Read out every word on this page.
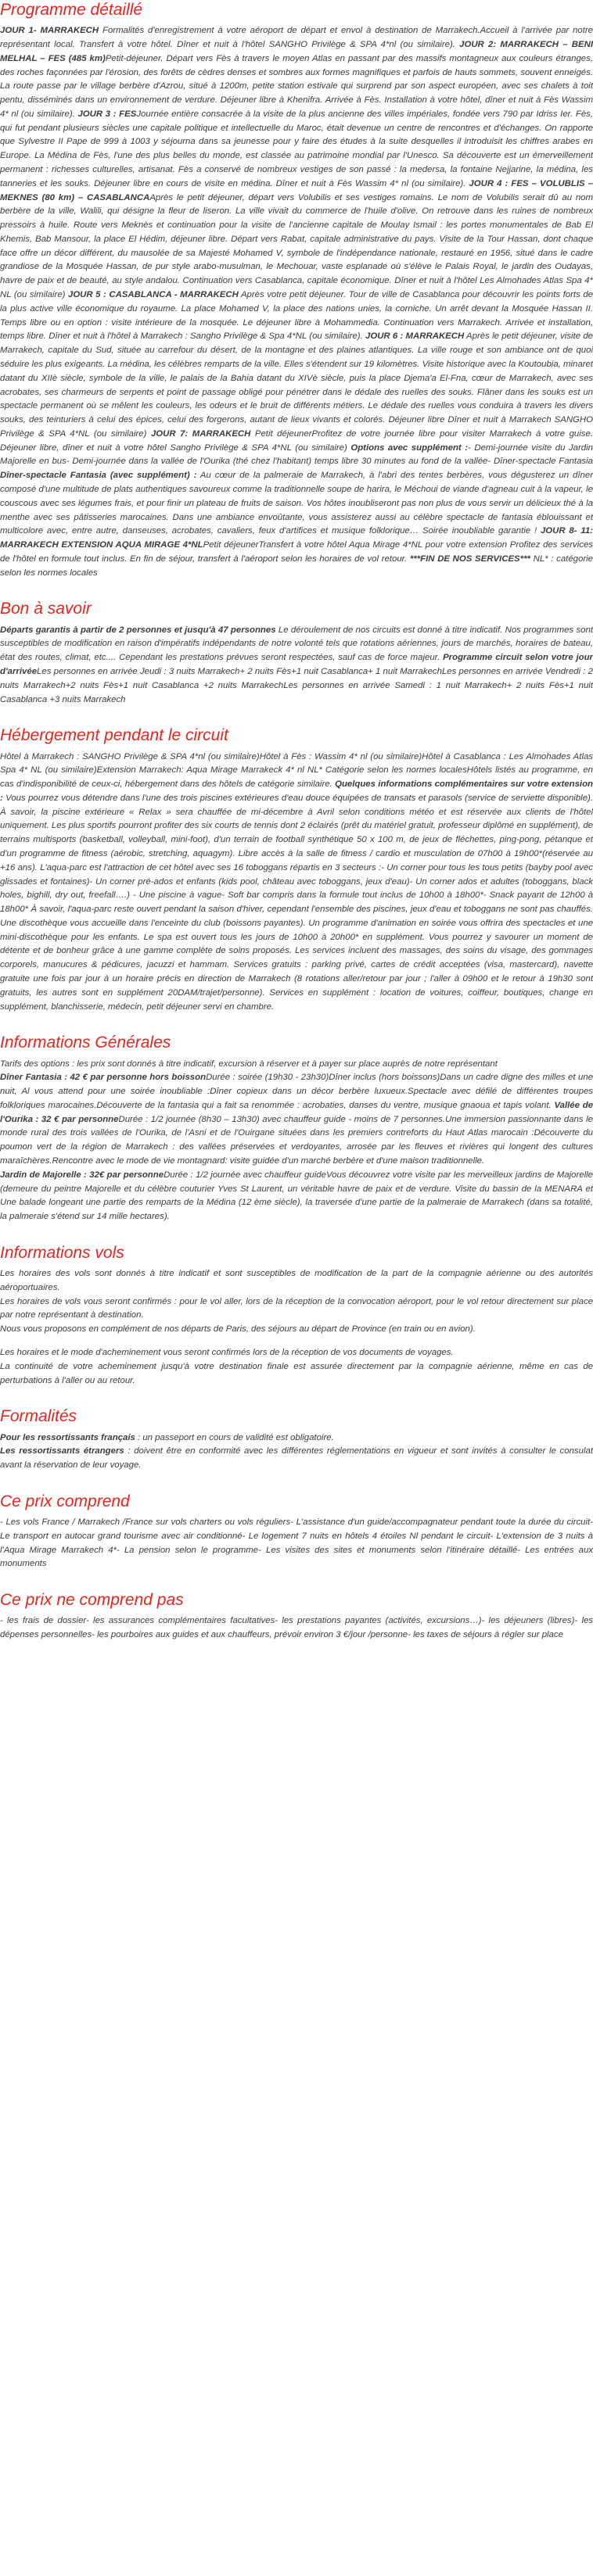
Programme détaillé

JOUR 1- MARRAKECH Formalités d'enregistrement à votre aéroport de départ et envol à destination de Marrakech.Accueil à l'arrivée par notre représentant local. Transfert à votre hôtel. Dîner et nuit à l'hôtel SANGHO Privilège & SPA 4*nl (ou similaire). JOUR 2: MARRAKECH – BENI MELHAL – FES (485 km)Petit-déjeuner. Départ vers Fès à travers le moyen Atlas en passant par des massifs montagneux aux couleurs étranges, des roches façonnées par l'érosion, des forêts de cèdres denses et sombres aux formes magnifiques et parfois de hauts sommets, souvent enneigés. La route passe par le village berbère d'Azrou, situé à 1200m, petite station estivale qui surprend par son aspect européen, avec ses chalets à toit pentu, disséminés dans un environnement de verdure. Déjeuner libre à Khenifra. Arrivée à Fès. Installation à votre hôtel, dîner et nuit à Fès Wassim 4* nl (ou similaire). JOUR 3 : FESJournée entière consacrée à la visite de la plus ancienne des villes impériales, fondée vers 790 par Idriss Ier. Fès, qui fut pendant plusieurs siècles une capitale politique et intellectuelle du Maroc, était devenue un centre de rencontres et d'échanges. On rapporte que Sylvestre II Pape de 999 à 1003 y séjourna dans sa jeunesse pour y faire des études à la suite desquelles il introduisit les chiffres arabes en Europe. La Médina de Fès, l'une des plus belles du monde, est classée au patrimoine mondial par l'Unesco. Sa découverte est un émerveillement permanent : richesses culturelles, artisanat. Fès a conservé de nombreux vestiges de son passé : la medersa, la fontaine Nejjarine, la médina, les tanneries et les souks. Déjeuner libre en cours de visite en médina. Dîner et nuit à Fès Wassim 4* nl (ou similaire). JOUR 4 : FES – VOLUBLIS – MEKNES (80 km) – CASABLANCAAprès le petit déjeuner, départ vers Volubilis et ses vestiges romains. Le nom de Volubilis serait dû au nom berbère de la ville, Walili, qui désigne la fleur de liseron. La ville vivait du commerce de l'huile d'olive. On retrouve dans les ruines de nombreux pressoirs à huile. Route vers Meknès et continuation pour la visite de l'ancienne capitale de Moulay Ismail : les portes monumentales de Bab El Khemis, Bab Mansour, la place El Hédim, déjeuner libre. Départ vers Rabat, capitale administrative du pays. Visite de la Tour Hassan, dont chaque face offre un décor différent, du mausolée de sa Majesté Mohamed V, symbole de l'indépendance nationale, restauré en 1956, situé dans le cadre grandiose de la Mosquée Hassan, de pur style arabo-musulman, le Mechouar, vaste esplanade où s'élève le Palais Royal, le jardin des Oudayas, havre de paix et de beauté, au style andalou. Continuation vers Casablanca, capitale économique. Dîner et nuit à l'hôtel Les Almohades Atlas Spa 4* NL (ou similaire) JOUR 5 : CASABLANCA - MARRAKECH Après votre petit déjeuner. Tour de ville de Casablanca pour découvrir les points forts de la plus active ville économique du royaume. La place Mohamed V, la place des nations unies, la corniche. Un arrêt devant la Mosquée Hassan II. Temps libre ou en option : visite intérieure de la mosquée. Le déjeuner libre à Mohammedia. Continuation vers Marrakech. Arrivée et installation, temps libre. Dîner et nuit à l'hôtel à Marrakech : Sangho Privilège & Spa 4*NL (ou similaire). JOUR 6 : MARRAKECH Après le petit déjeuner, visite de Marrakech, capitale du Sud, située au carrefour du désert, de la montagne et des plaines atlantiques. La ville rouge et son ambiance ont de quoi séduire les plus exigeants. La médina, les célèbres remparts de la ville. Elles s'étendent sur 19 kilomètres. Visite historique avec la Koutoubia, minaret datant du XIIè siècle, symbole de la ville, le palais de la Bahia datant du XIVè siècle, puis la place Djema'a El-Fna, cœur de Marrakech, avec ses acrobates, ses charmeurs de serpents et point de passage obligé pour pénétrer dans le dédale des ruelles des souks. Flâner dans les souks est un spectacle permanent où se mêlent les couleurs, les odeurs et le bruit de différents métiers. Le dédale des ruelles vous conduira à travers les divers souks, des teinturiers à celui des épices, celui des forgerons, autant de lieux vivants et colorés. Déjeuner libre Dîner et nuit à Marrakech SANGHO Privilège & SPA 4*NL (ou similaire) JOUR 7: MARRAKECH Petit déjeunerProfitez de votre journée libre pour visiter Marrakech à votre guise. Déjeuner libre, dîner et nuit à votre hôtel Sangho Privilège & SPA 4*NL (ou similaire) Options avec supplément :- Demi-journée visite du Jardin Majorelle en bus- Demi-journée dans la vallée de l'Ourika (thé chez l'habitant) temps libre 30 minutes au fond de la vallée- Dîner-spectacle Fantasia Dîner-spectacle Fantasia (avec supplément) : Au cœur de la palmeraie de Marrakech, à l'abri des tentes berbères, vous dégusterez un dîner composé d'une multitude de plats authentiques savoureux comme la traditionnelle soupe de harira, le Méchoui de viande d'agneau cuit à la vapeur, le couscous avec ses légumes frais, et pour finir un plateau de fruits de saison. Vos hôtes inoubliseront pas non plus de vous servir un délicieux thé à la menthe avec ses pâtisseries marocaines. Dans une ambiance envoûtante, vous assisterez aussi au célèbre spectacle de fantasia éblouissant et multicolore avec, entre autre, danseuses, acrobates, cavaliers, feux d'artifices et musique folklorique… Soirée inoubliable garantie ! JOUR 8- 11: MARRAKECH EXTENSION AQUA MIRAGE 4*NLPetit déjeunerTransfert à votre hôtel Aqua Mirage 4*NL pour votre extension Profitez des services de l'hôtel en formule tout inclus. En fin de séjour, transfert à l'aéroport selon les horaires de vol retour. ***FIN DE NOS SERVICES*** NL* : catégorie selon les normes locales

Bon à savoir

Départs garantis à partir de 2 personnes et jusqu'à 47 personnes Le déroulement de nos circuits est donné à titre indicatif. Nos programmes sont susceptibles de modification en raison d'impératifs indépendants de notre volonté tels que rotations aériennes, jours de marchés, horaires de bateau, état des routes, climat, etc.... Cependant les prestations prévues seront respectées, sauf cas de force majeur. Programme circuit selon votre jour d'arrivéeLes personnes en arrivée Jeudi : 3 nuits Marrakech+ 2 nuits Fès+1 nuit Casablanca+ 1 nuit MarrakechLes personnes en arrivée Vendredi : 2 nuits Marrakech+2 nuits Fès+1 nuit Casablanca +2 nuits MarrakechLes personnes en arrivée Samedi : 1 nuit Marrakech+ 2 nuits Fès+1 nuit Casablanca +3 nuits Marrakech

Hébergement pendant le circuit

Hôtel à Marrakech : SANGHO Privilège & SPA 4*nl (ou similaire)Hôtel à Fès : Wassim 4* nl (ou similaire)Hôtel à Casablanca : Les Almohades Atlas Spa 4* NL (ou similaire)Extension Marrakech: Aqua Mirage Marrakeck 4* nl NL* Catégorie selon les normes localesHôtels listés au programme, en cas d'indisponibilité de ceux-ci, hébergement dans des hôtels de catégorie similaire. Quelques informations complémentaires sur votre extension : Vous pourrez vous détendre dans l'une des trois piscines extérieures d'eau douce équipées de transats et parasols (service de serviette disponible). À savoir, la piscine extérieure « Relax » sera chauffée de mi-décembre à Avril selon conditions météo et est réservée aux clients de l'hôtel uniquement. Les plus sportifs pourront profiter des six courts de tennis dont 2 éclairés (prêt du matériel gratuit, professeur diplômé en supplément), de terrains multisports (basketball, volleyball, mini-foot), d'un terrain de football synthétique 50 x 100 m, de jeux de fléchettes, ping-pong, pétanque et d'un programme de fitness (aérobic, stretching, aquagym). Libre accès à la salle de fitness / cardio et musculation de 07h00 à 19h00*(réservée au +16 ans). L'aqua-parc est l'attraction de cet hôtel avec ses 16 toboggans répartis en 3 secteurs :- Un corner pour tous les tous petits (bayby pool avec glissades et fontaines)- Un corner pré-ados et enfants (kids pool, château avec toboggans, jeux d'eau)- Un corner ados et adultes (toboggans, black holes, bighill, dry out, freefall….) - Une piscine à vague- Soft bar compris dans la formule tout inclus de 10h00 à 18h00*- Snack payant de 12h00 à 18h00* À savoir, l'aqua-parc reste ouvert pendant la saison d'hiver, cependant l'ensemble des piscines, jeux d'eau et toboggans ne sont pas chauffés. Une discothèque vous accueille dans l'enceinte du club (boissons payantes). Un programme d'animation en soirée vous offrira des spectacles et une mini-discothèque pour les enfants. Le spa est ouvert tous les jours de 10h00 à 20h00* en supplément. Vous pourrez y savourer un moment de détente et de bonheur grâce à une gamme complète de soins proposés. Les services incluent des massages, des soins du visage, des gommages corporels, manucures & pédicures, jacuzzi et hammam. Services gratuits : parking privé, cartes de crédit acceptées (visa, mastercard), navette gratuite une fois par jour à un horaire précis en direction de Marrakech (8 rotations aller/retour par jour ; l'aller à 09h00 et le retour à 19h30 sont gratuits, les autres sont en supplément 20DAM/trajet/personne). Services en supplément : location de voitures, coiffeur, boutiques, change en supplément, blanchisserie, médecin, petit déjeuner servi en chambre.

Informations Générales

Tarifs des options : les prix sont donnés à titre indicatif, excursion à réserver et à payer sur place auprès de notre représentant

Dîner Fantasia : 42 € par personne hors boissonDurée : soirée (19h30 - 23h30)Dîner inclus (hors boissons)Dans un cadre digne des milles et une nuit, Al vous attend pour une soirée inoubliable :Dîner copieux dans un décor berbère luxueux.Spectacle avec défilé de différentes troupes folkloriques marocaines.Découverte de la fantasia qui a fait sa renommée : acrobaties, danses du ventre, musique gnaoua et tapis volant. Vallée de l'Ourika : 32 € par personneDurée : 1/2 journée (8h30 – 13h30) avec chauffeur guide - moins de 7 personnes.Une immersion passionnante dans le monde rural des trois vallées de l'Ourika, de l'Asni et de l'Ouirgane situées dans les premiers contreforts du Haut Atlas marocain :Découverte du poumon vert de la région de Marrakech : des vallées préservées et verdoyantes, arrosée par les fleuves et rivières qui longent des cultures maraîchères.Rencontre avec le mode de vie montagnard: visite guidée d'un marché berbère et d'une maison traditionnelle.

Jardin de Majorelle : 32€ par personneDurée : 1/2 journée avec chauffeur guideVous découvrez votre visite par les merveilleux jardins de Majorelle (demeure du peintre Majorelle et du célèbre couturier Yves St Laurent, un véritable havre de paix et de verdure. Visite du bassin de la MENARA et Une balade longeant une partie des remparts de la Médina (12 ème siècle), la traversée d'une partie de la palmeraie de Marrakech (dans sa totalité, la palmeraie s'étend sur 14 mille hectares).

Informations vols

Les horaires des vols sont donnés à titre indicatif et sont susceptibles de modification de la part de la compagnie aérienne ou des autorités aéroportuaires.

Les horaires de vols vous seront confirmés : pour le vol aller, lors de la réception de la convocation aéroport, pour le vol retour directement sur place par notre représentant à destination.

Nous vous proposons en complément de nos départs de Paris, des séjours au départ de Province (en train ou en avion).

Les horaires et le mode d'acheminement vous seront confirmés lors de la réception de vos documents de voyages.

La continuité de votre acheminement jusqu'à votre destination finale est assurée directement par la compagnie aérienne, même en cas de perturbations à l'aller ou au retour.

Formalités

Pour les ressortissants français : un passeport en cours de validité est obligatoire.

Les ressortissants étrangers : doivent être en conformité avec les différentes réglementations en vigueur et sont invités à consulter le consulat avant la réservation de leur voyage.

Ce prix comprend

- Les vols France / Marrakech /France sur vols charters ou vols réguliers- L'assistance d'un guide/accompagnateur pendant toute la durée du circuit- Le transport en autocar grand tourisme avec air conditionné- Le logement 7 nuits en hôtels 4 étoiles Nl pendant le circuit- L'extension de 3 nuits à l'Aqua Mirage Marrakech 4*- La pension selon le programme- Les visites des sites et monuments selon l'itinéraire détaillé- Les entrées aux monuments

Ce prix ne comprend pas

- les frais de dossier- les assurances complémentaires facultatives- les prestations payantes (activités, excursions…)- les déjeuners (libres)- les dépenses personnelles- les pourboires aux guides et aux chauffeurs, prévoir environ 3 €/jour /personne- les taxes de séjours à régler sur place
